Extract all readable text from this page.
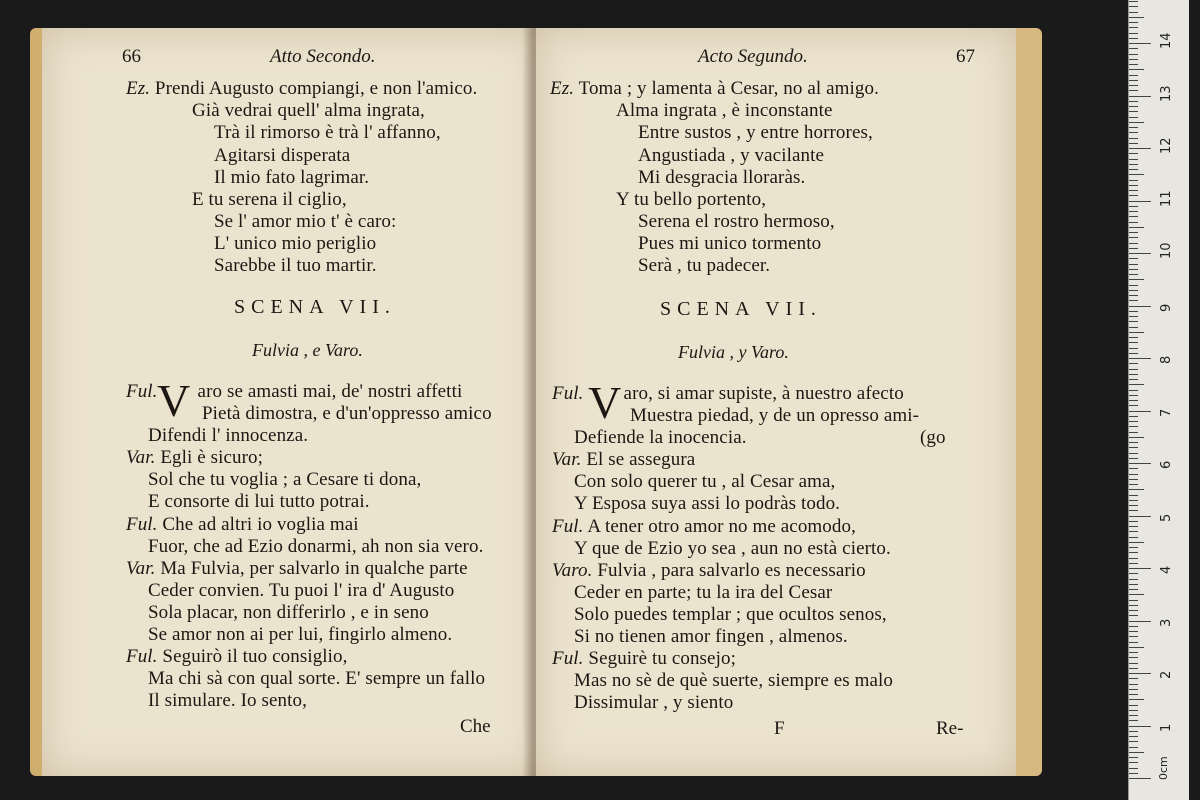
66	Atto Secondo.
Ez. Prendi Augusto compiangi, e non l'amico.
Già vedrai quell' alma ingrata,
Trà il rimorso è trà l' affanno,
Agitarsi disperata
Il mio fato lagrimar.
E tu serena il ciglio,
Se l' amor mio t' è caro:
L' unico mio periglio
Sarebbe il tuo martir.
SCENA VII.
Fulvia , e Varo.
V
Ful. aro se amasti mai, de' nostri affetti
Pietà dimostra, e d'un'oppresso amico
Difendi l' innocenza.
Var. Egli è sicuro;
Sol che tu voglia ; a Cesare ti dona,
E consorte di lui tutto potrai.
Ful. Che ad altri io voglia mai
Fuor, che ad Ezio donarmi, ah non sia vero.
Var. Ma Fulvia, per salvarlo in qualche parte
Ceder convien. Tu puoi l' ira d' Augusto
Sola placar, non differirlo , e in seno
Se amor non ai per lui, fingirlo almeno.
Ful. Seguirò il tuo consiglio,
Ma chi sà con qual sorte. E' sempre un fallo
Il simulare. Io sento,
Che
Acto Segundo.	67
Ez. Toma ; y lamenta à Cesar, no al amigo.
Alma ingrata , è inconstante
Entre sustos , y entre horrores,
Angustiada , y vacilante
Mi desgracia lloraràs.
Y tu bello portento,
Serena el rostro hermoso,
Pues mi unico tormento
Serà , tu padecer.
SCENA VII.
Fulvia , y Varo.
V
Ful. aro, si amar supiste, à nuestro afecto
Muestra piedad, y de un opresso ami-
Defiende la inocencia.	(go
Var. El se assegura
Con solo querer tu , al Cesar ama,
Y Esposa suya assi lo podràs todo.
Ful. A tener otro amor no me acomodo,
Y que de Ezio yo sea , aun no està cierto.
Varo. Fulvia , para salvarlo es necessario
Ceder en parte; tu la ira del Cesar
Solo puedes templar ; que ocultos senos,
Si no tienen amor fingen , almenos.
Ful. Seguirè tu consejo;
Mas no sè de què suerte, siempre es malo
Dissimular , y siento
F	Re-	1
2
3
4
5
6
7
8
9
10
11
12
13
14
0cm
